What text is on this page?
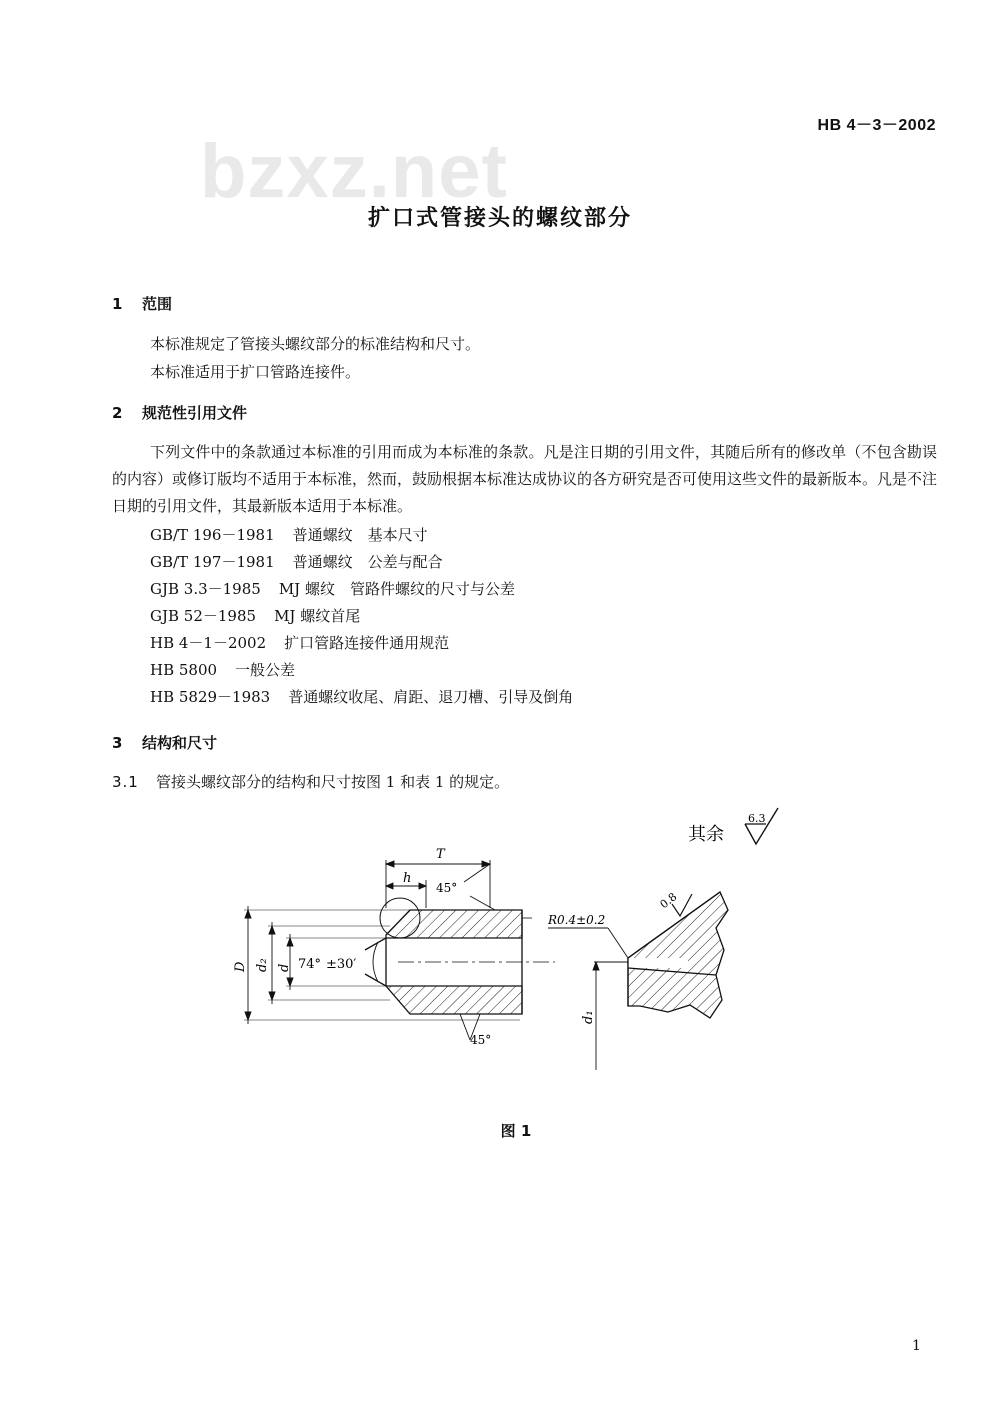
HB 4－3－2002
bzxz.net
扩口式管接头的螺纹部分
1 范围
本标准规定了管接头螺纹部分的标准结构和尺寸。
本标准适用于扩口管路连接件。
2 规范性引用文件
下列文件中的条款通过本标准的引用而成为本标准的条款。凡是注日期的引用文件，其随后所有的修改单（不包含勘误的内容）或修订版均不适用于本标准，然而，鼓励根据本标准达成协议的各方研究是否可使用这些文件的最新版本。凡是不注日期的引用文件，其最新版本适用于本标准。
GB/T 196－1981 普通螺纹　基本尺寸
GB/T 197－1981 普通螺纹　公差与配合
GJB 3.3－1985 MJ 螺纹　管路件螺纹的尺寸与公差
GJB 52－1985 MJ 螺纹首尾
HB 4－1－2002 扩口管路连接件通用规范
HB 5800 一般公差
HB 5829－1983 普通螺纹收尾、肩距、退刀槽、引导及倒角
3 结构和尺寸
3.1 管接头螺纹部分的结构和尺寸按图 1 和表 1 的规定。
其余
6.3
T
h
45°
45°
74° ±30′
D d₂ d
0.8
R0.4±0.2
d₁
图 1
1
